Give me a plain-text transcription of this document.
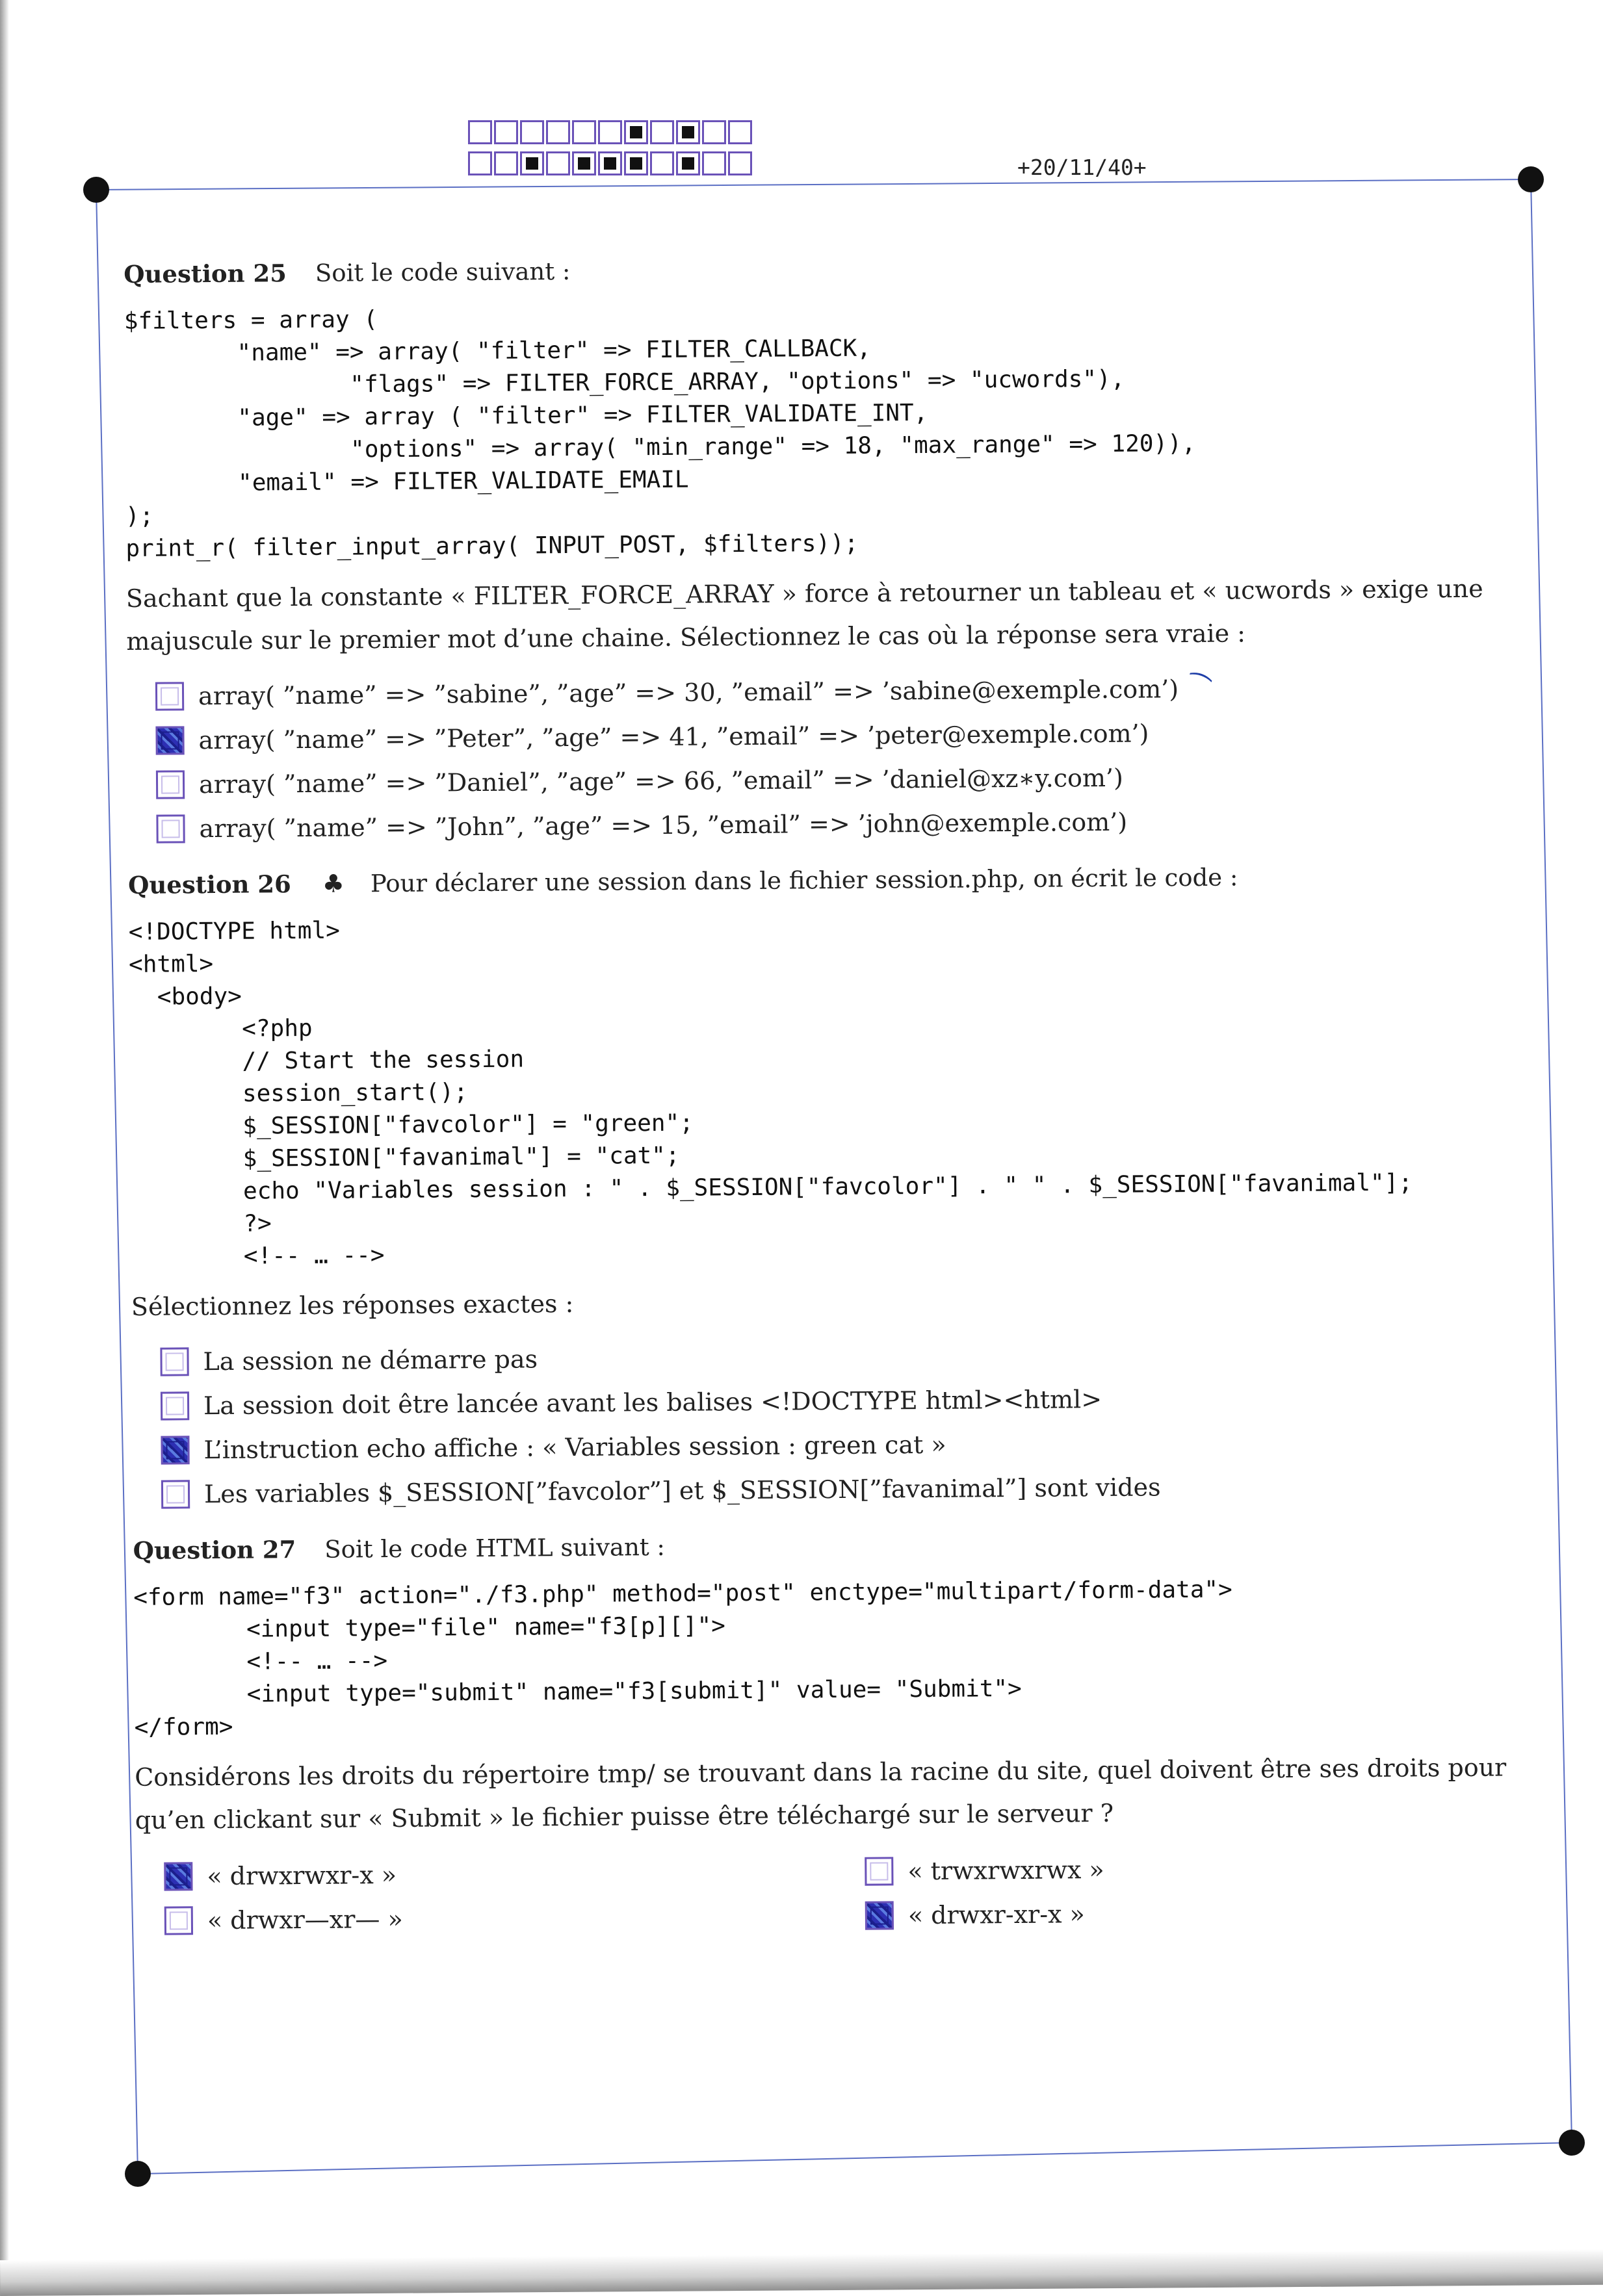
+20/11/40+
Question 25 Soit le code suivant :
$filters = array (
"name" => array( "filter" => FILTER_CALLBACK,
"flags" => FILTER_FORCE_ARRAY, "options" => "ucwords"),
"age" => array ( "filter" => FILTER_VALIDATE_INT,
"options" => array( "min_range" => 18, "max_range" => 120)),
"email" => FILTER_VALIDATE_EMAIL
);
print_r( filter_input_array( INPUT_POST, $filters));
Sachant que la constante « FILTER_FORCE_ARRAY » force à retourner un tableau et « ucwords » exige une majuscule sur le premier mot d’une chaine. Sélectionnez le cas où la réponse sera vraie :
array( ”name” => ”sabine”, ”age” => 30, ”email” => ’sabine@exemple.com’) ⁀
array( ”name” => ”Peter”, ”age” => 41, ”email” => ’peter@exemple.com’)
array( ”name” => ”Daniel”, ”age” => 66, ”email” => ’daniel@xz∗y.com’)
array( ”name” => ”John”, ”age” => 15, ”email” => ’john@exemple.com’)
Question 26 ♣ Pour déclarer une session dans le fichier session.php, on écrit le code :
<!DOCTYPE html>
<html>
<body>
<?php
// Start the session
session_start();
$_SESSION["favcolor"] = "green";
$_SESSION["favanimal"] = "cat";
echo "Variables session : " . $_SESSION["favcolor"] . " " . $_SESSION["favanimal"];
?>
<!-- … -->
Sélectionnez les réponses exactes :
La session ne démarre pas
La session doit être lancée avant les balises <!DOCTYPE html><html>
L’instruction echo affiche : « Variables session : green cat »
Les variables $_SESSION[”favcolor”] et $_SESSION[”favanimal”] sont vides
Question 27 Soit le code HTML suivant :
<form name="f3" action="./f3.php" method="post" enctype="multipart/form-data">
<input type="file" name="f3[p][]">
<!-- … -->
<input type="submit" name="f3[submit]" value= "Submit">
</form>
Considérons les droits du répertoire tmp/ se trouvant dans la racine du site, quel doivent être ses droits pour qu’en clickant sur « Submit » le fichier puisse être téléchargé sur le serveur ?
« drwxrwxr-x »
« drwxr—xr— »
« trwxrwxrwx »
« drwxr-xr-x »
